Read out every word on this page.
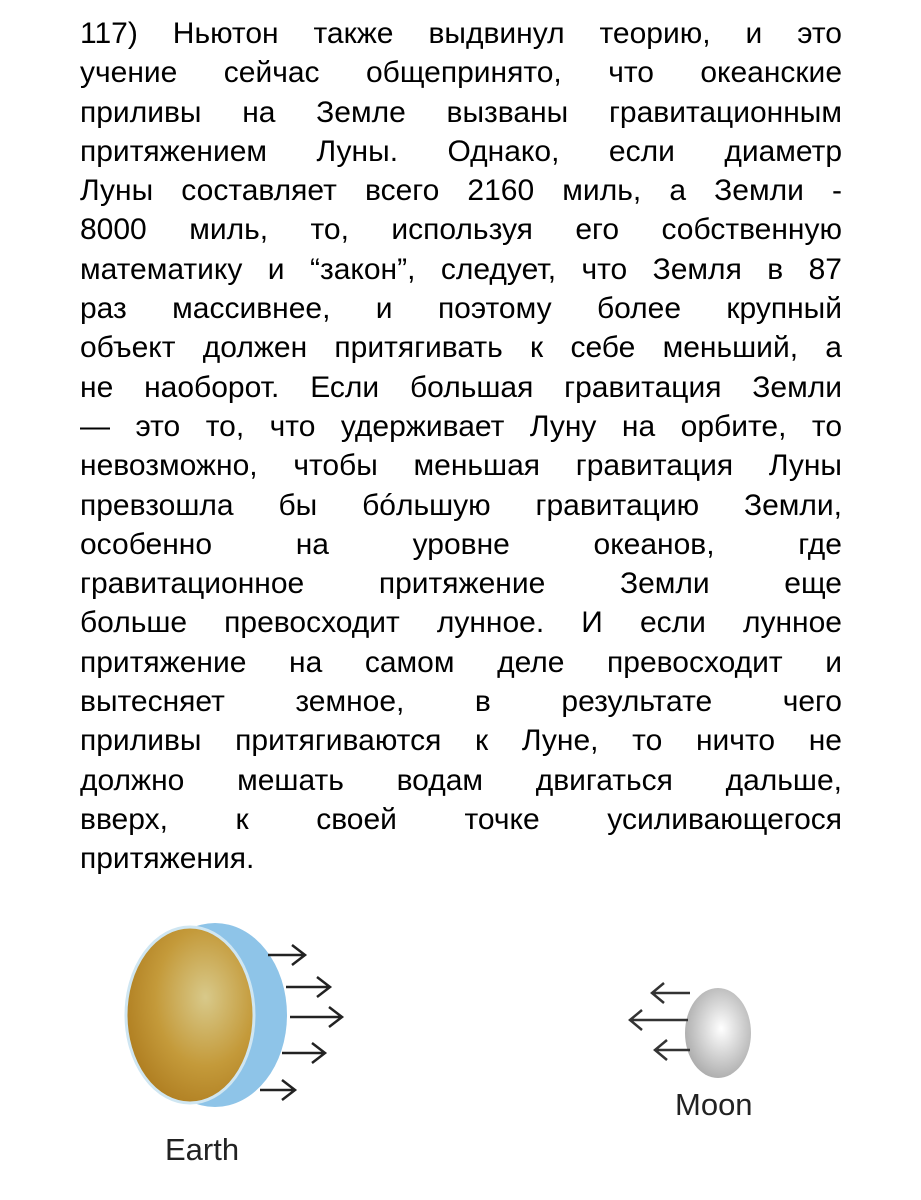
117) Ньютон также выдвинул теорию, и это
учение сейчас общепринято, что океанские
приливы на Земле вызваны гравитационным
притяжением Луны. Однако, если диаметр
Луны составляет всего 2160 миль, а Земли -
8000 миль, то, используя его собственную
математику и “закон”, следует, что Земля в 87
раз массивнее, и поэтому более крупный
объект должен притягивать к себе меньший, а
не наоборот. Если большая гравитация Земли
— это то, что удерживает Луну на орбите, то
невозможно, чтобы меньшая гравитация Луны
превзошла бы бóльшую гравитацию Земли,
особенно на уровне океанов, где
гравитационное притяжение Земли еще
больше превосходит лунное. И если лунное
притяжение на самом деле превосходит и
вытесняет земное, в результате чего
приливы притягиваются к Луне, то ничто не
должно мешать водам двигаться дальше,
вверх, к своей точке усиливающегося
притяжения.
Earth
Moon
